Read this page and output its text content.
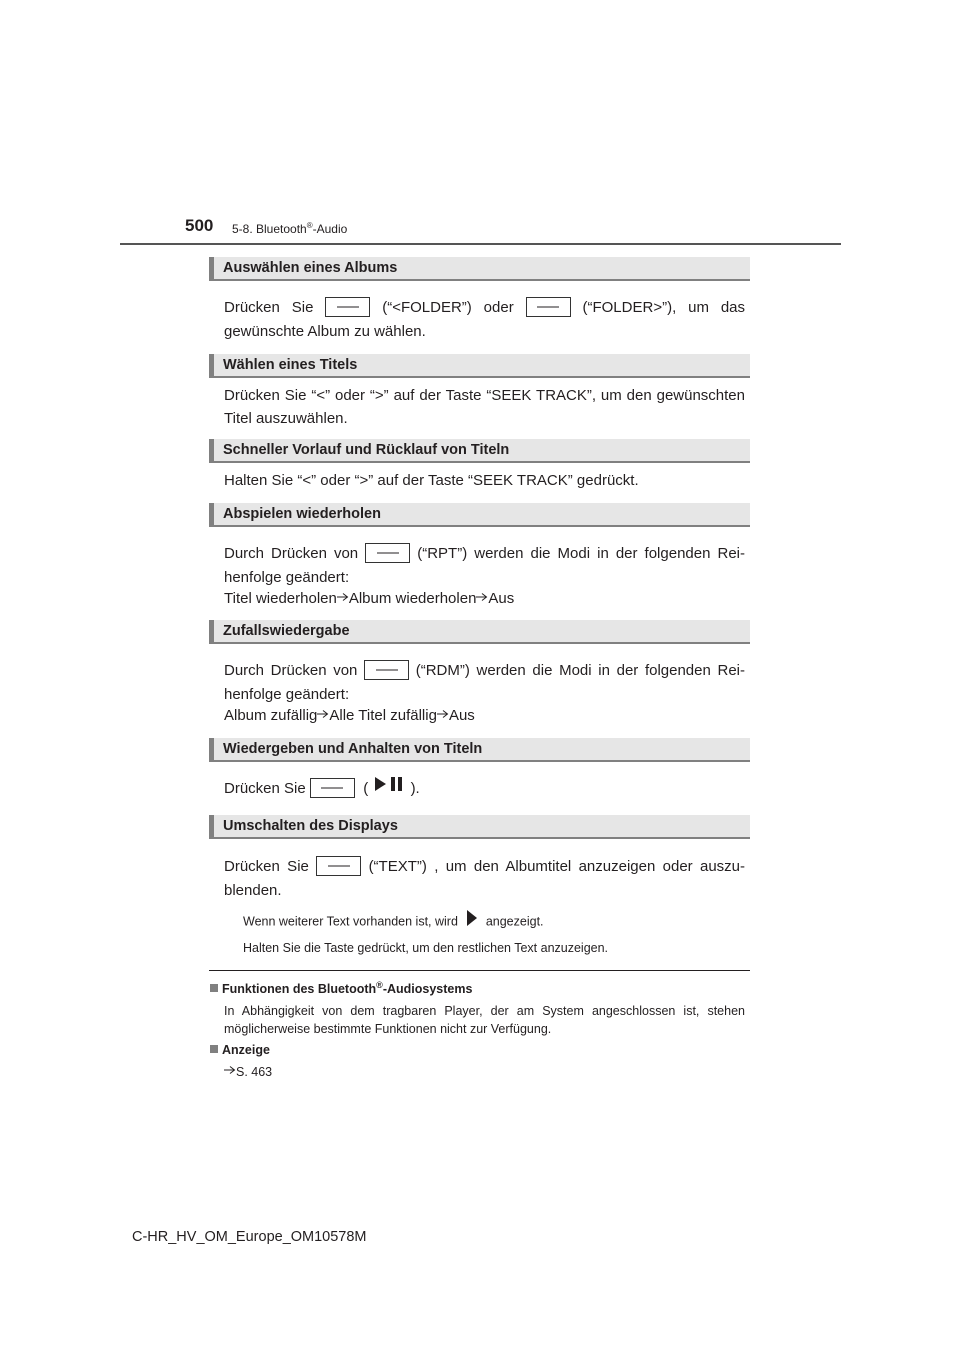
500 5-8. Bluetooth®-Audio
Auswählen eines Albums
Drücken Sie	(“<FOLDER”) oder	(“FOLDER>”), um das
gewünschte Album zu wählen.
Wählen eines Titels
Drücken Sie “<” oder “>” auf der Taste “SEEK TRACK”, um den gewünschten Titel auszuwählen.
Schneller Vorlauf und Rücklauf von Titeln
Halten Sie “<” oder “>” auf der Taste “SEEK TRACK” gedrückt.
Abspielen wiederholen
Durch Drücken von	(“RPT”) werden die Modi in der folgenden Rei-
henfolge geändert:
Titel wiederholen Album wiederholen Aus
Zufallswiedergabe
Durch Drücken von	(“RDM”) werden die Modi in der folgenden Rei-
henfolge geändert:
Album zufällig Alle Titel zufällig Aus
Wiedergeben und Anhalten von Titeln
Drücken Sie	(	).
Umschalten des Displays
Drücken Sie	(“TEXT”) , um den Albumtitel anzuzeigen oder auszu-
blenden.
Wenn weiterer Text vorhanden ist, wird angezeigt.
Halten Sie die Taste gedrückt, um den restlichen Text anzuzeigen.
Funktionen des Bluetooth®-Audiosystems
In Abhängigkeit von dem tragbaren Player, der am System angeschlossen ist, stehen möglicherweise bestimmte Funktionen nicht zur Verfügung.
Anzeige
S. 463
C-HR_HV_OM_Europe_OM10578M
